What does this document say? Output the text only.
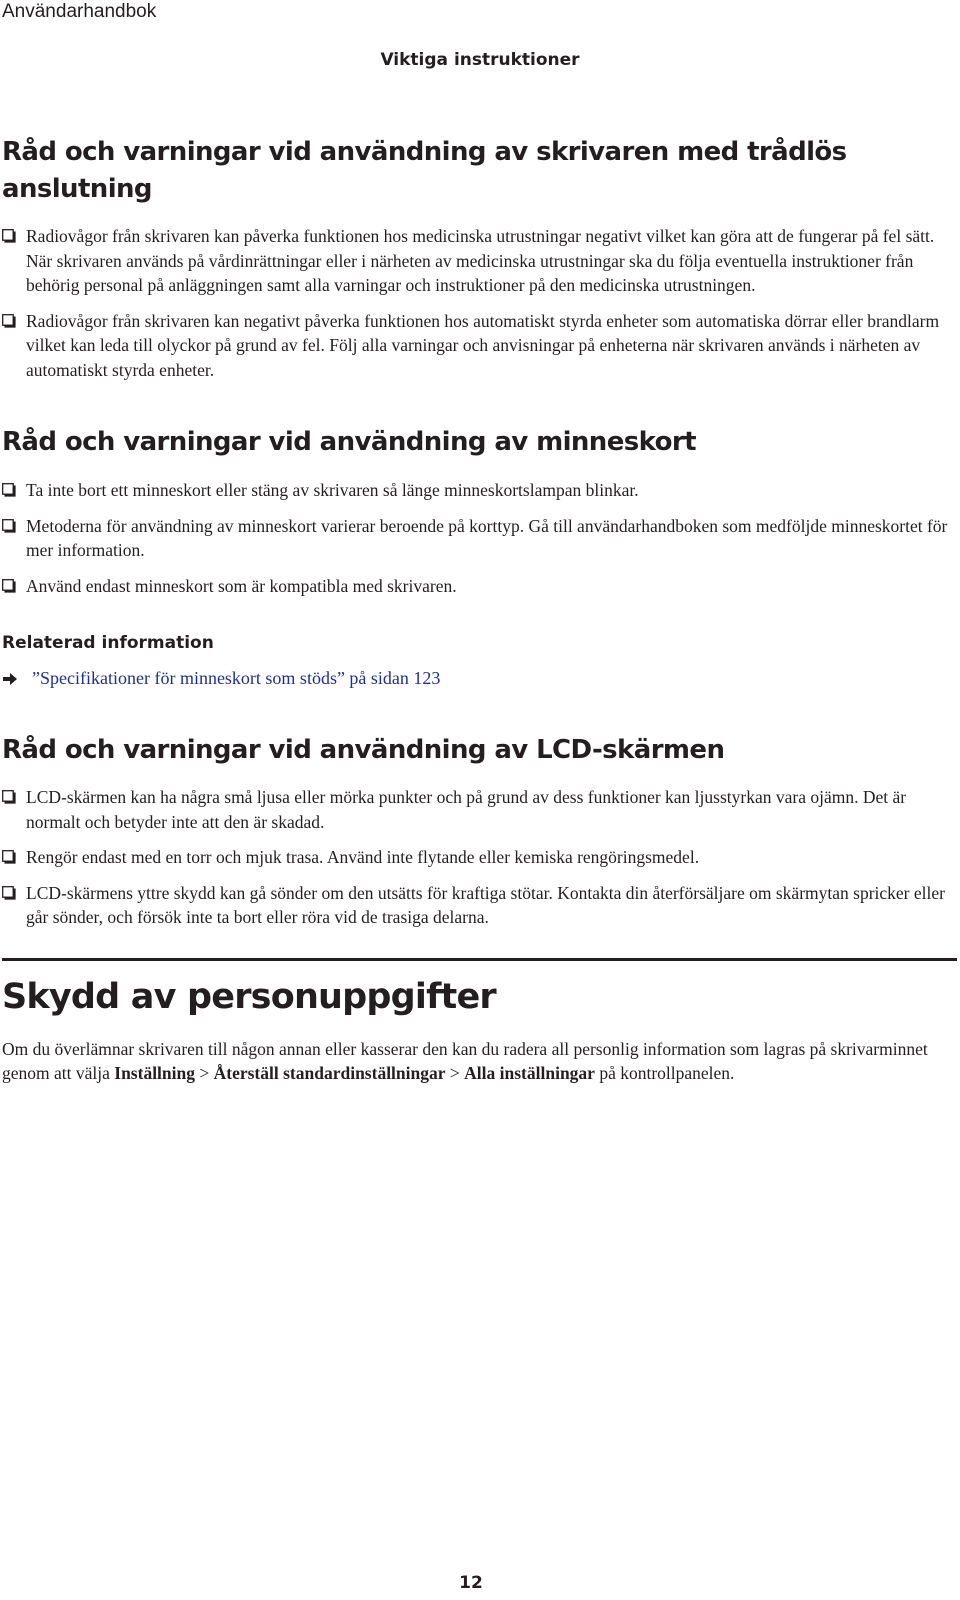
Användarhandbok
Viktiga instruktioner
Råd och varningar vid användning av skrivaren med trådlös anslutning
Radiovågor från skrivaren kan påverka funktionen hos medicinska utrustningar negativt vilket kan göra att de fungerar på fel sätt. När skrivaren används på vårdinrättningar eller i närheten av medicinska utrustningar ska du följa eventuella instruktioner från behörig personal på anläggningen samt alla varningar och instruktioner på den medicinska utrustningen.
Radiovågor från skrivaren kan negativt påverka funktionen hos automatiskt styrda enheter som automatiska dörrar eller brandlarm vilket kan leda till olyckor på grund av fel. Följ alla varningar och anvisningar på enheterna när skrivaren används i närheten av automatiskt styrda enheter.
Råd och varningar vid användning av minneskort
Ta inte bort ett minneskort eller stäng av skrivaren så länge minneskortslampan blinkar.
Metoderna för användning av minneskort varierar beroende på korttyp. Gå till användarhandboken som medföljde minneskortet för mer information.
Använd endast minneskort som är kompatibla med skrivaren.
Relaterad information
”Specifikationer för minneskort som stöds” på sidan 123
Råd och varningar vid användning av LCD-skärmen
LCD-skärmen kan ha några små ljusa eller mörka punkter och på grund av dess funktioner kan ljusstyrkan vara ojämn. Det är normalt och betyder inte att den är skadad.
Rengör endast med en torr och mjuk trasa. Använd inte flytande eller kemiska rengöringsmedel.
LCD-skärmens yttre skydd kan gå sönder om den utsätts för kraftiga stötar. Kontakta din återförsäljare om skärmytan spricker eller går sönder, och försök inte ta bort eller röra vid de trasiga delarna.
Skydd av personuppgifter

Om du överlämnar skrivaren till någon annan eller kasserar den kan du radera all personlig information som lagras på skrivarminnet genom att välja Inställning > Återställ standardinställningar > Alla inställningar på kontrollpanelen.

12
